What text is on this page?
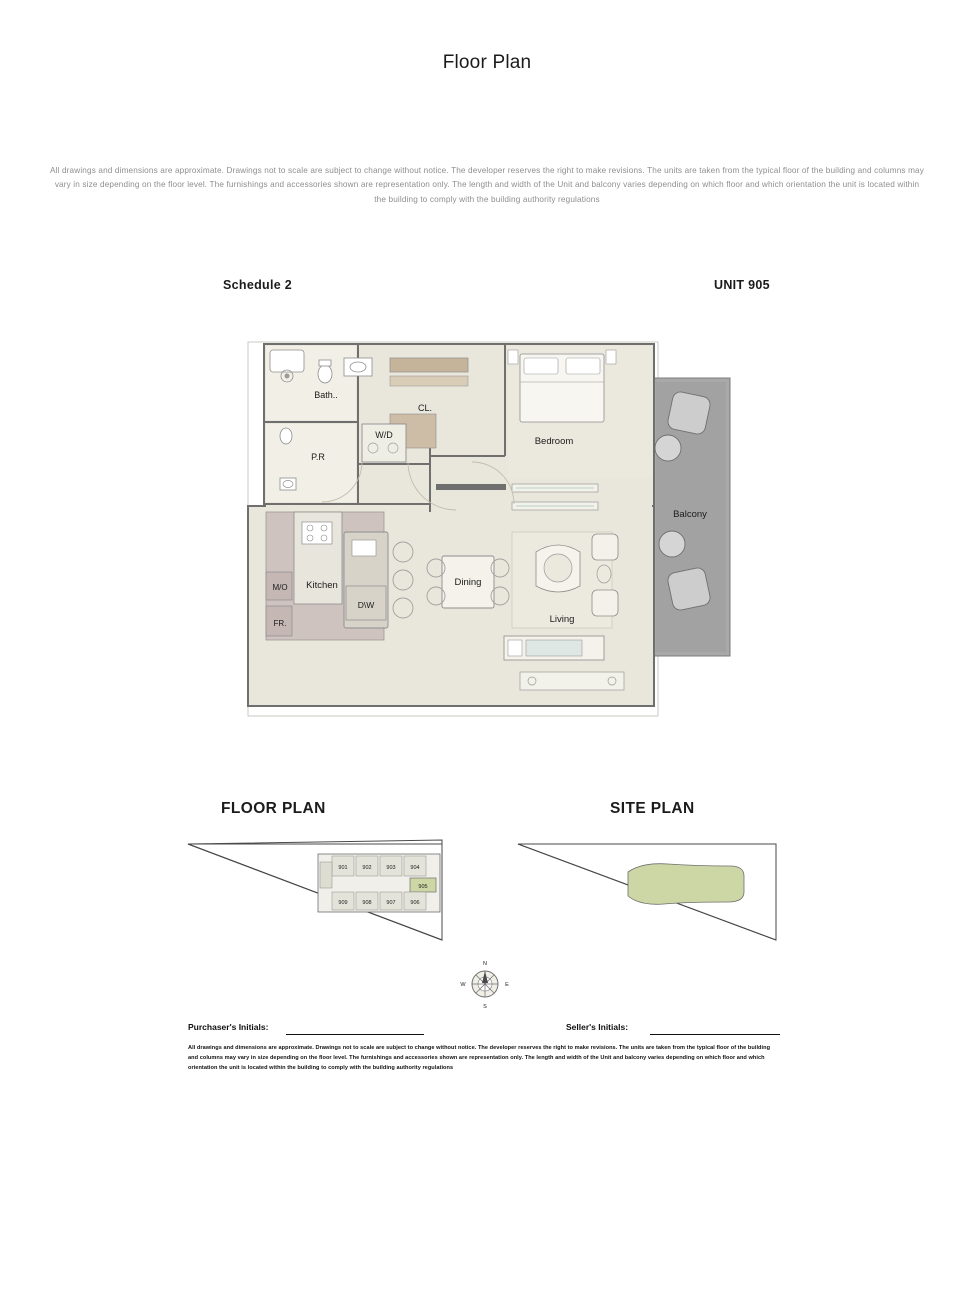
Floor Plan
All drawings and dimensions are approximate. Drawings not to scale are subject to change without notice. The developer reserves the right to make revisions. The units are taken from the typical floor of the building and columns may vary in size depending on the floor level. The furnishings and accessories shown are representation only. The length and width of the Unit and balcony varies depending on which floor and which orientation the unit is located within the building to comply with the building authority regulations
Schedule 2	UNIT 905
Bath..
CL.
Bedroom
P.R
W/D
Kitchen
M/O
FR.
D\W
Dining
Living
Balcony
FLOOR PLAN	SITE PLAN
901	902	903	904
905
909	908	907	906
N
E
S
W
Purchaser's Initials:	Seller's Initials:
All drawings and dimensions are approximate. Drawings not to scale are subject to change without notice. The developer reserves the right to make revisions. The units are taken from the typical floor of the building and columns may vary in size depending on the floor level. The furnishings and accessories shown are representation only. The length and width of the Unit and balcony varies depending on which floor and which orientation the unit is located within the building to comply with the building authority regulations
